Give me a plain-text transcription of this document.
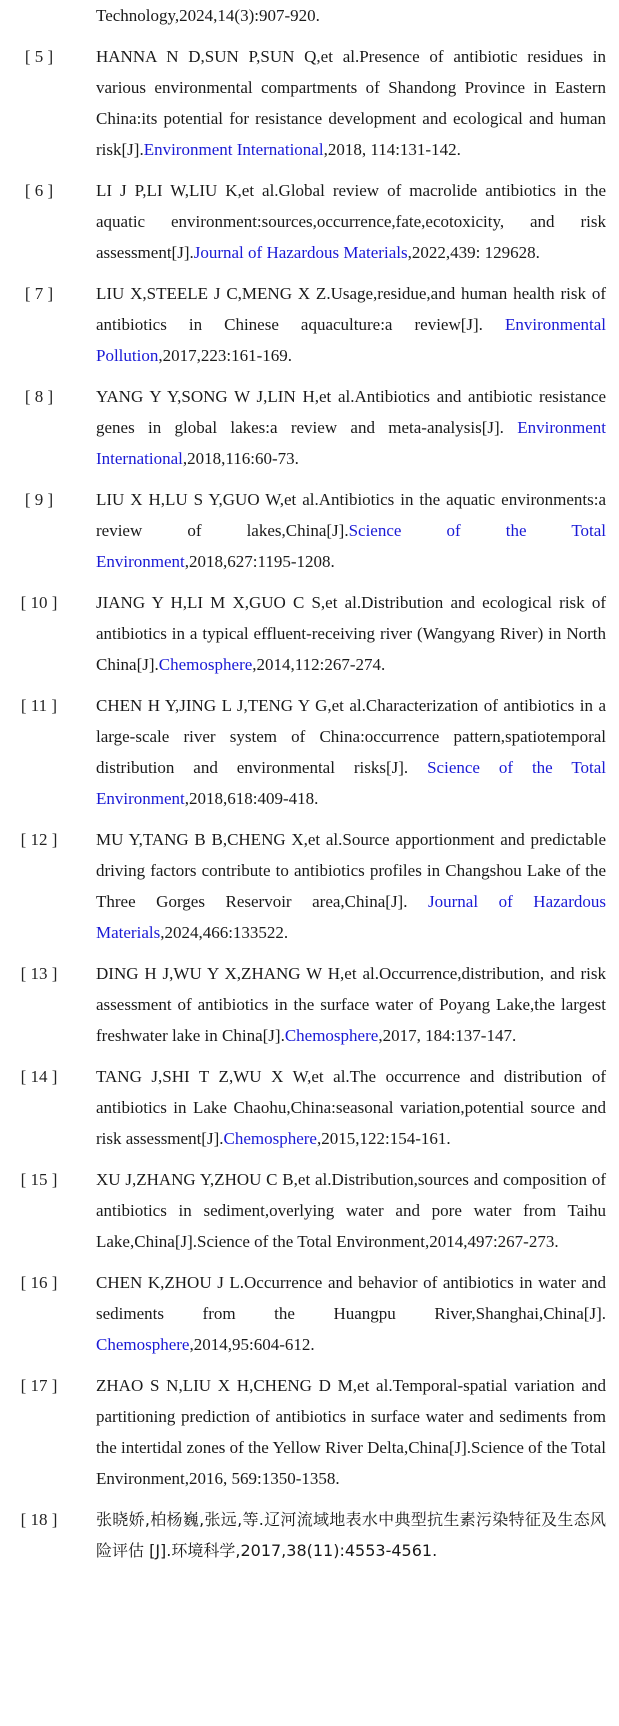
Technology,2024,14(3):907-920.
[ 5 ]	HANNA N D,SUN P,SUN Q,et al.Presence of antibiotic residues in various environmental compartments of Shandong Province in Eastern China:its potential for resistance development and ecological and human risk[J].Environment International,2018, 114:131-142.
[ 6 ]	LI J P,LI W,LIU K,et al.Global review of macrolide antibiotics in the aquatic environment:sources,occurrence,fate,ecotoxicity, and risk assessment[J].Journal of Hazardous Materials,2022,439: 129628.
[ 7 ]	LIU X,STEELE J C,MENG X Z.Usage,residue,and human health risk of antibiotics in Chinese aquaculture:a review[J]. Environmental Pollution,2017,223:161-169.
[ 8 ]	YANG Y Y,SONG W J,LIN H,et al.Antibiotics and antibiotic resistance genes in global lakes:a review and meta-analysis[J]. Environment International,2018,116:60-73.
[ 9 ]	LIU X H,LU S Y,GUO W,et al.Antibiotics in the aquatic environments:a review of lakes,China[J].Science of the Total Environment,2018,627:1195-1208.
[ 10 ]	JIANG Y H,LI M X,GUO C S,et al.Distribution and ecological risk of antibiotics in a typical effluent-receiving river (Wangyang River) in North China[J].Chemosphere,2014,112:267-274.
[ 11 ]	CHEN H Y,JING L J,TENG Y G,et al.Characterization of antibiotics in a large-scale river system of China:occurrence pattern,spatiotemporal distribution and environmental risks[J]. Science of the Total Environment,2018,618:409-418.
[ 12 ]	MU Y,TANG B B,CHENG X,et al.Source apportionment and predictable driving factors contribute to antibiotics profiles in Changshou Lake of the Three Gorges Reservoir area,China[J]. Journal of Hazardous Materials,2024,466:133522.
[ 13 ]	DING H J,WU Y X,ZHANG W H,et al.Occurrence,distribution, and risk assessment of antibiotics in the surface water of Poyang Lake,the largest freshwater lake in China[J].Chemosphere,2017, 184:137-147.
[ 14 ]	TANG J,SHI T Z,WU X W,et al.The occurrence and distribution of antibiotics in Lake Chaohu,China:seasonal variation,potential source and risk assessment[J].Chemosphere,2015,122:154-161.
[ 15 ]	XU J,ZHANG Y,ZHOU C B,et al.Distribution,sources and composition of antibiotics in sediment,overlying water and pore water from Taihu Lake,China[J].Science of the Total Environment,2014,497:267-273.
[ 16 ]	CHEN K,ZHOU J L.Occurrence and behavior of antibiotics in water and sediments from the Huangpu River,Shanghai,China[J]. Chemosphere,2014,95:604-612.
[ 17 ]	ZHAO S N,LIU X H,CHENG D M,et al.Temporal-spatial variation and partitioning prediction of antibiotics in surface water and sediments from the intertidal zones of the Yellow River Delta,China[J].Science of the Total Environment,2016, 569:1350-1358.
[ 18 ]	张晓娇,柏杨巍,张远,等.辽河流域地表水中典型抗生素污染特征及生态风险评估 [J].环境科学,2017,38(11):4553-4561.
